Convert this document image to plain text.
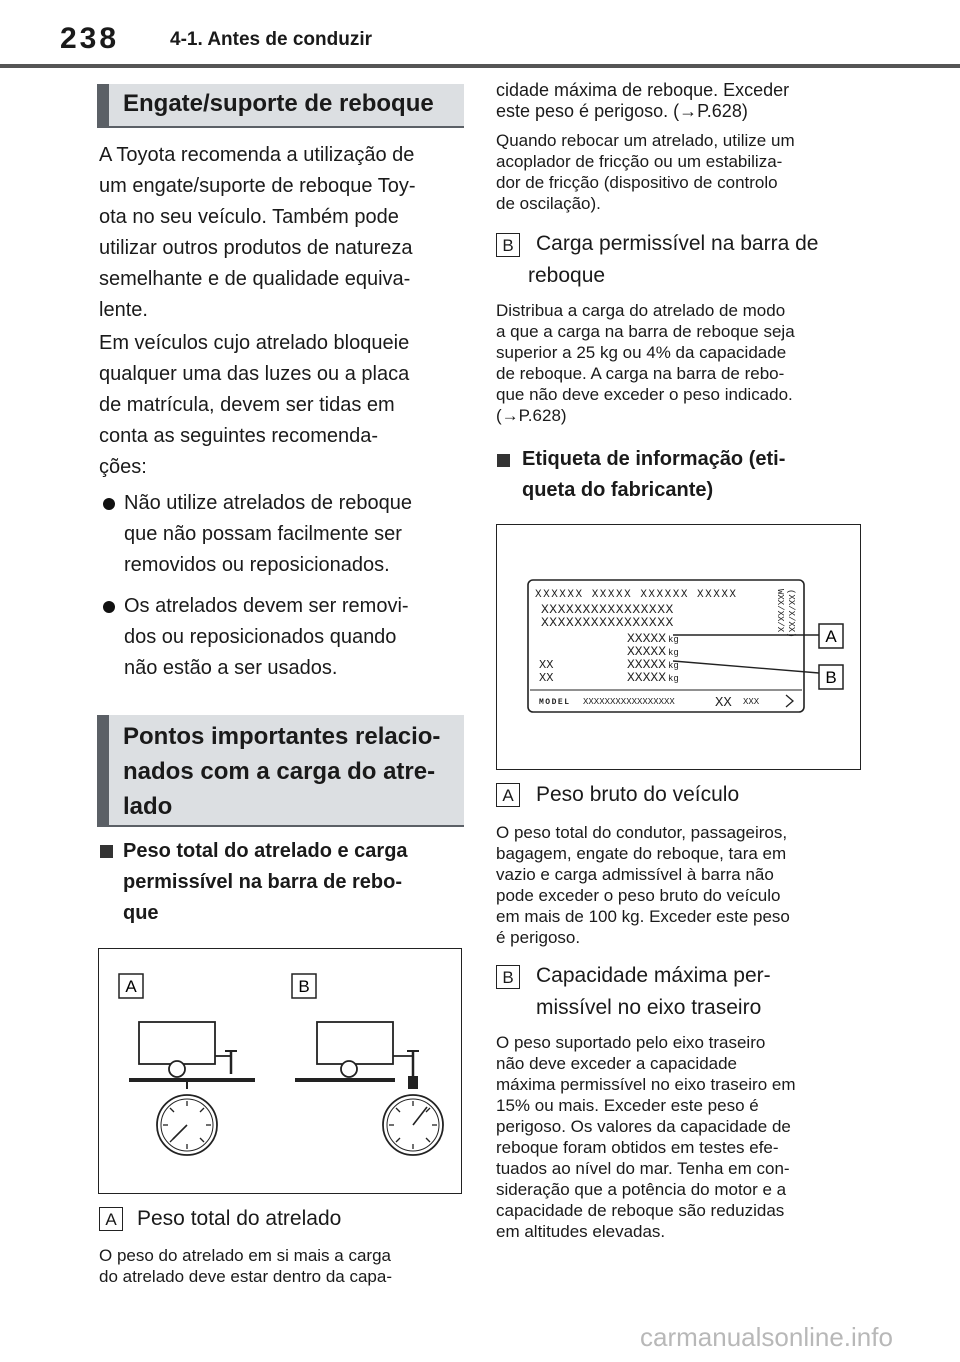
238	4-1. Antes de conduzir
Engate/suporte de reboque

A Toyota recomenda a utilização de

um engate/suporte de reboque Toy-

ota no seu veículo. Também pode

utilizar outros produtos de natureza

semelhante e de qualidade equiva-

lente.

Em veículos cujo atrelado bloqueie

qualquer uma das luzes ou a placa

de matrícula, devem ser tidas em

conta as seguintes recomenda-

ções:

Não utilize atrelados de reboque

que não possam facilmente ser

removidos ou reposicionados.

Os atrelados devem ser removi-

dos ou reposicionados quando

não estão a ser usados.

Pontos importantes relacio-

nados com a carga do atre-

lado

Peso total do atrelado e carga

permissível na barra de rebo-

que

A	B
A Peso total do atrelado

O peso do atrelado em si mais a carga

do atrelado deve estar dentro da capa-

cidade máxima de reboque. Exceder

este peso é perigoso. (→P.628)

Quando rebocar um atrelado, utilize um

acoplador de fricção ou um estabiliza-

dor de fricção (dispositivo de controlo

de oscilação).

B	Carga permissível na barra de

reboque

Distribua a carga do atrelado de modo

a que a carga na barra de reboque seja

superior a 25 kg ou 4% da capacidade

de reboque. A carga na barra de rebo-

que não deve exceder o peso indicado.

(→P.628)

Etiqueta de informação (eti-

queta do fabricante)

XXXXXX XXXXX XXXXXX XXXXX
XXXXXXXXXXXXXXXX
XXXXXXXXXXXXXXXX
XXXXX
XXXXX
XXXXX
XXXXX
kg
kg
kg
kg
XX
XX
MODEL XXXXXXXXXXXXXXXXX	XX XXX
WXX/XX/X (XX/X/XX) A
B
A	Peso bruto do veículo

O peso total do condutor, passageiros,

bagagem, engate do reboque, tara em

vazio e carga admissível à barra não

pode exceder o peso bruto do veículo

em mais de 100 kg. Exceder este peso

é perigoso.

B	Capacidade máxima per-

missível no eixo traseiro

O peso suportado pelo eixo traseiro

não deve exceder a capacidade

máxima permissível no eixo traseiro em

15% ou mais. Exceder este peso é

perigoso. Os valores da capacidade de

reboque foram obtidos em testes efe-

tuados ao nível do mar. Tenha em con-

sideração que a potência do motor e a

capacidade de reboque são reduzidas

em altitudes elevadas.

carmanualsonline.info
